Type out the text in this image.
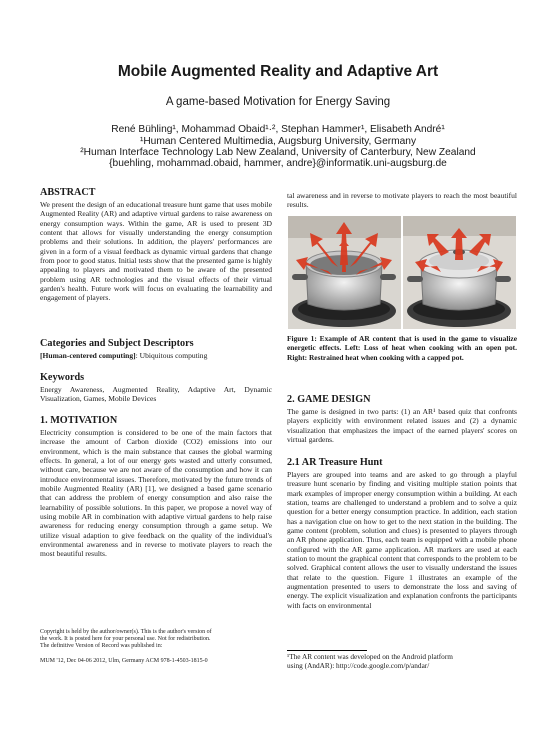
Mobile Augmented Reality and Adaptive Art
A game-based Motivation for Energy Saving
René Bühling¹, Mohammad Obaid¹·², Stephan Hammer¹, Elisabeth André¹
¹Human Centered Multimedia, Augsburg University, Germany
²Human Interface Technology Lab New Zealand, University of Canterbury, New Zealand
{buehling, mohammad.obaid, hammer, andre}@informatik.uni-augsburg.de
ABSTRACT
We present the design of an educational treasure hunt game that uses mobile Augmented Reality (AR) and adaptive virtual gardens to raise awareness on energy consumption ways. Within the game, AR is used to present 3D content that allows for visually understanding the energy consumption problems and their solutions. In addition, the players' performances are given in a form of a visual feedback as dynamic virtual gardens that change from poor to good status. Initial tests show that the presented game is highly appealing to players and motivated them to be aware of the presented problem using AR technologies and the visual effects of their virtual garden's health. Future work will focus on evaluating the learnability and engagement of players.
Categories and Subject Descriptors
[Human-centered computing]: Ubiquitous computing
Keywords
Energy Awareness, Augmented Reality, Adaptive Art, Dynamic Visualization, Games, Mobile Devices
1. MOTIVATION
Electricity consumption is considered to be one of the main factors that increase the amount of Carbon dioxide (CO2) emissions into our environment, which is the main substance that causes the global warming effects. In general, a lot of our energy gets wasted and utterly consumed, without care, because we are not aware of the consumption and how it can introduce environmental issues. Therefore, motivated by the future trends of mobile Augmented Reality (AR) [1], we designed a based game scenario that can address the problem of energy consumption and also raise the learnability of possible solutions. In this paper, we propose a novel way of using mobile AR in combination with adaptive virtual gardens to help raise awareness for reducing energy consumption through a game setup. We utilize visual adaption to give feedback on the quality of the individual's environmental awareness and in reverse to motivate players to reach the most beautiful results.
Copyright is held by the author/owner(s). This is the author's version of
the work. It is posted here for your personal use. Not for redistribution.
The definitive Version of Record was published in:
MUM '12, Dec 04-06 2012, Ulm, Germany ACM 978-1-4503-1815-0
tal awareness and in reverse to motivate players to reach the most beautiful results.
Figure 1: Example of AR content that is used in the game to visualize energetic effects. Left: Loss of heat when cooking with an open pot. Right: Restrained heat when cooking with a capped pot.
2. GAME DESIGN
The game is designed in two parts: (1) an AR¹ based quiz that confronts players explicitly with environment related issues and (2) a dynamic visualization that emphasizes the impact of the earned players' scores on virtual gardens.
2.1 AR Treasure Hunt
Players are grouped into teams and are asked to go through a playful treasure hunt scenario by finding and visiting multiple station points that mark examples of improper energy consumption within a building. At each station, teams are challenged to understand a problem and to solve a quiz question for a better energy consumption practice. In addition, each station has a navigation clue on how to get to the next station in the building. The game content (problem, solution and clues) is presented to players through an AR phone application. Thus, each team is equipped with a mobile phone configured with the AR game application. AR markers are used at each station to mount the graphical content that corresponds to the problem to be solved. Graphical content allows the user to visually understand the issues that relate to the question. Figure 1 illustrates an example of the augmentation presented to users to demonstrate the loss and saving of energy. The explicit visualization and explanation confronts the participants with facts on environmental
¹The AR content was developed on the Android platform
using (AndAR): http://code.google.com/p/andar/
